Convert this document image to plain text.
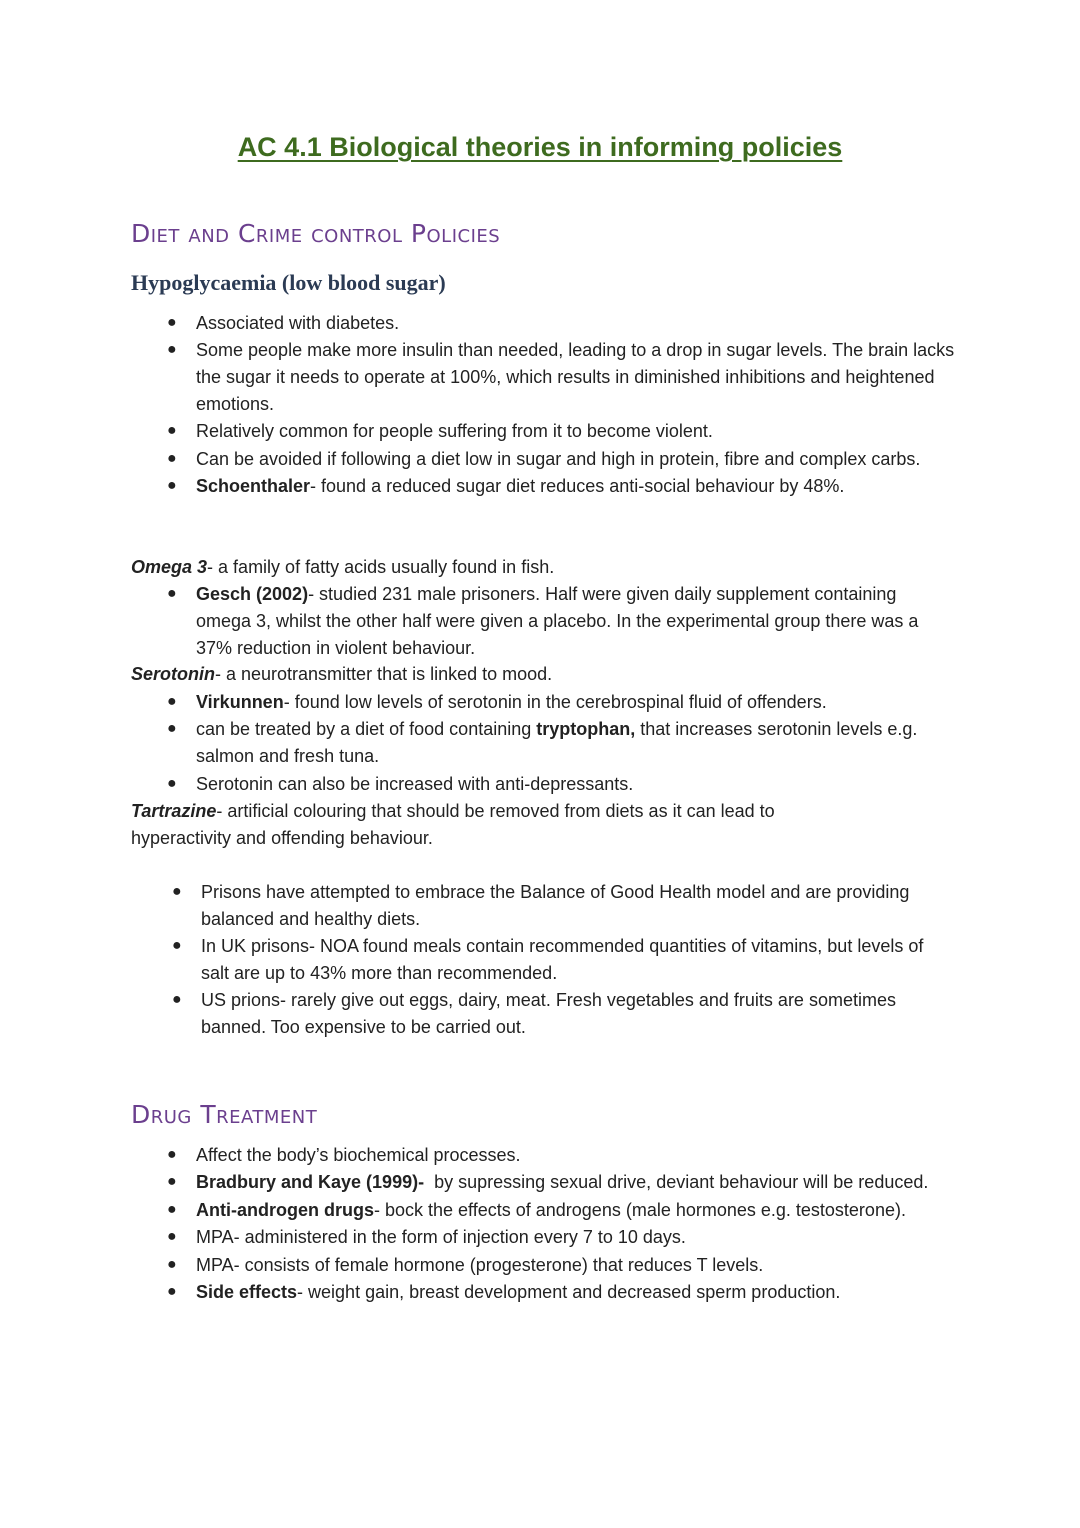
AC 4.1 Biological theories in informing policies
Diet and Crime control Policies
Hypoglycaemia (low blood sugar)
● Associated with diabetes.
● Some people make more insulin than needed, leading to a drop in sugar levels. The brain lacks the sugar it needs to operate at 100%, which results in diminished inhibitions and heightened emotions.
● Relatively common for people suffering from it to become violent.
● Can be avoided if following a diet low in sugar and high in protein, fibre and complex carbs.
● Schoenthaler- found a reduced sugar diet reduces anti-social behaviour by 48%.
Omega 3- a family of fatty acids usually found in fish.
● Gesch (2002)- studied 231 male prisoners. Half were given daily supplement containing omega 3, whilst the other half were given a placebo. In the experimental group there was a 37% reduction in violent behaviour.
Serotonin- a neurotransmitter that is linked to mood.
● Virkunnen- found low levels of serotonin in the cerebrospinal fluid of offenders.
● can be treated by a diet of food containing tryptophan, that increases serotonin levels e.g. salmon and fresh tuna.
● Serotonin can also be increased with anti-depressants.
Tartrazine- artificial colouring that should be removed from diets as it can lead to hyperactivity and offending behaviour.
● Prisons have attempted to embrace the Balance of Good Health model and are providing balanced and healthy diets.
● In UK prisons- NOA found meals contain recommended quantities of vitamins, but levels of salt are up to 43% more than recommended.
● US prions- rarely give out eggs, dairy, meat. Fresh vegetables and fruits are sometimes banned. Too expensive to be carried out.
Drug Treatment
● Affect the body’s biochemical processes.
● Bradbury and Kaye (1999)-  by supressing sexual drive, deviant behaviour will be reduced.
● Anti-androgen drugs- bock the effects of androgens (male hormones e.g. testosterone).
● MPA- administered in the form of injection every 7 to 10 days.
● MPA- consists of female hormone (progesterone) that reduces T levels.
● Side effects- weight gain, breast development and decreased sperm production.
